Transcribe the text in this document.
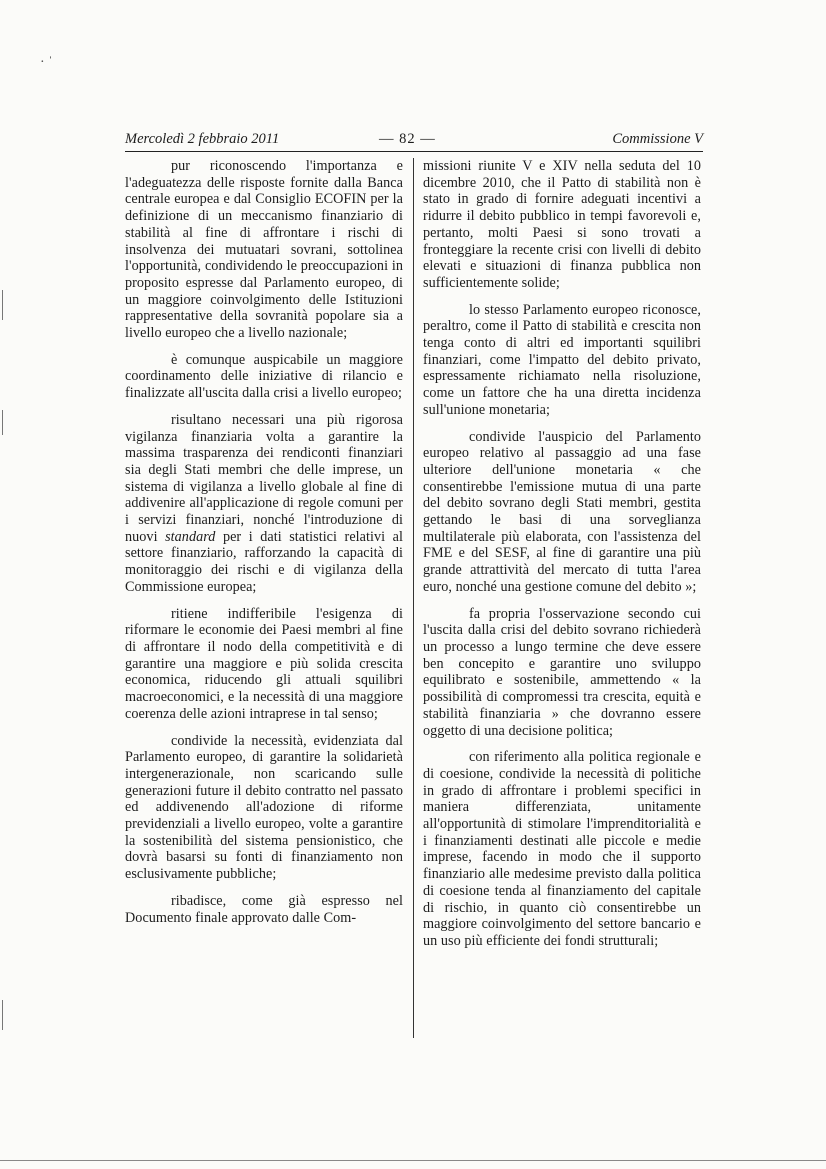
· ˈ
Mercoledì 2 febbraio 2011	— 82 —	Commissione V

pur riconoscendo l'importanza e l'adeguatezza delle risposte fornite dalla Banca centrale europea e dal Consiglio ECOFIN per la definizione di un meccanismo finanziario di stabilità al fine di affrontare i rischi di insolvenza dei mutuatari sovrani, sottolinea l'opportunità, condividendo le preoccupazioni in proposito espresse dal Parlamento europeo, di un maggiore coinvolgimento delle Istituzioni rappresentative della sovranità popolare sia a livello europeo che a livello nazionale;

è comunque auspicabile un maggiore coordinamento delle iniziative di rilancio e finalizzate all'uscita dalla crisi a livello europeo;

risultano necessari una più rigorosa vigilanza finanziaria volta a garantire la massima trasparenza dei rendiconti finanziari sia degli Stati membri che delle imprese, un sistema di vigilanza a livello globale al fine di addivenire all'applicazione di regole comuni per i servizi finanziari, nonché l'introduzione di nuovi standard per i dati statistici relativi al settore finanziario, rafforzando la capacità di monitoraggio dei rischi e di vigilanza della Commissione europea;

ritiene indifferibile l'esigenza di riformare le economie dei Paesi membri al fine di affrontare il nodo della competitività e di garantire una maggiore e più solida crescita economica, riducendo gli attuali squilibri macroeconomici, e la necessità di una maggiore coerenza delle azioni intraprese in tal senso;

condivide la necessità, evidenziata dal Parlamento europeo, di garantire la solidarietà intergenerazionale, non scaricando sulle generazioni future il debito contratto nel passato ed addivenendo all'adozione di riforme previdenziali a livello europeo, volte a garantire la sostenibilità del sistema pensionistico, che dovrà basarsi su fonti di finanziamento non esclusivamente pubbliche;

ribadisce, come già espresso nel Documento finale approvato dalle Com-

missioni riunite V e XIV nella seduta del 10 dicembre 2010, che il Patto di stabilità non è stato in grado di fornire adeguati incentivi a ridurre il debito pubblico in tempi favorevoli e, pertanto, molti Paesi si sono trovati a fronteggiare la recente crisi con livelli di debito elevati e situazioni di finanza pubblica non sufficientemente solide;

lo stesso Parlamento europeo riconosce, peraltro, come il Patto di stabilità e crescita non tenga conto di altri ed importanti squilibri finanziari, come l'impatto del debito privato, espressamente richiamato nella risoluzione, come un fattore che ha una diretta incidenza sull'unione monetaria;

condivide l'auspicio del Parlamento europeo relativo al passaggio ad una fase ulteriore dell'unione monetaria « che consentirebbe l'emissione mutua di una parte del debito sovrano degli Stati membri, gestita gettando le basi di una sorveglianza multilaterale più elaborata, con l'assistenza del FME e del SESF, al fine di garantire una più grande attrattività del mercato di tutta l'area euro, nonché una gestione comune del debito »;

fa propria l'osservazione secondo cui l'uscita dalla crisi del debito sovrano richiederà un processo a lungo termine che deve essere ben concepito e garantire uno sviluppo equilibrato e sostenibile, ammettendo « la possibilità di compromessi tra crescita, equità e stabilità finanziaria » che dovranno essere oggetto di una decisione politica;

con riferimento alla politica regionale e di coesione, condivide la necessità di politiche in grado di affrontare i problemi specifici in maniera differenziata, unitamente all'opportunità di stimolare l'imprenditorialità e i finanziamenti destinati alle piccole e medie imprese, facendo in modo che il supporto finanziario alle medesime previsto dalla politica di coesione tenda al finanziamento del capitale di rischio, in quanto ciò consentirebbe un maggiore coinvolgimento del settore bancario e un uso più efficiente dei fondi strutturali;
